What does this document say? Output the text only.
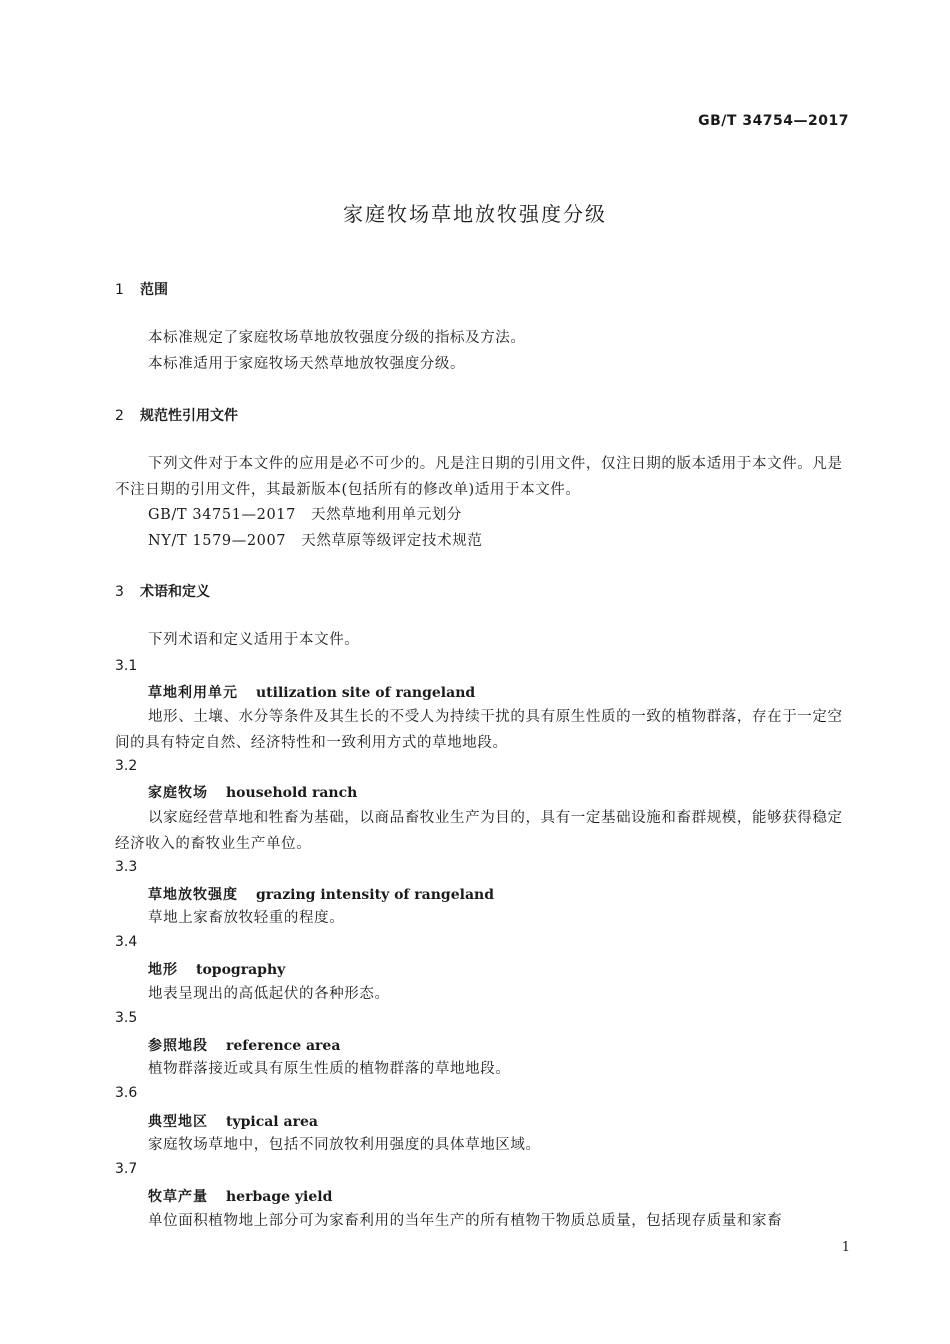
GB/T 34754—2017
家庭牧场草地放牧强度分级
1 范围
本标准规定了家庭牧场草地放牧强度分级的指标及方法。
本标准适用于家庭牧场天然草地放牧强度分级。
2 规范性引用文件
下列文件对于本文件的应用是必不可少的。凡是注日期的引用文件，仅注日期的版本适用于本文件。凡是不注日期的引用文件，其最新版本(包括所有的修改单)适用于本文件。
GB/T 34751—2017　天然草地利用单元划分
NY/T 1579—2007　天然草原等级评定技术规范
3 术语和定义
下列术语和定义适用于本文件。
3.1
草地利用单元 utilization site of rangeland
地形、土壤、水分等条件及其生长的不受人为持续干扰的具有原生性质的一致的植物群落，存在于一定空间的具有特定自然、经济特性和一致利用方式的草地地段。
3.2
家庭牧场 household ranch
以家庭经营草地和牲畜为基础，以商品畜牧业生产为目的，具有一定基础设施和畜群规模，能够获得稳定经济收入的畜牧业生产单位。
3.3
草地放牧强度 grazing intensity of rangeland
草地上家畜放牧轻重的程度。
3.4
地形 topography
地表呈现出的高低起伏的各种形态。
3.5
参照地段 reference area
植物群落接近或具有原生性质的植物群落的草地地段。
3.6
典型地区 typical area
家庭牧场草地中，包括不同放牧利用强度的具体草地区域。
3.7
牧草产量 herbage yield
单位面积植物地上部分可为家畜利用的当年生产的所有植物干物质总质量，包括现存质量和家畜
1
